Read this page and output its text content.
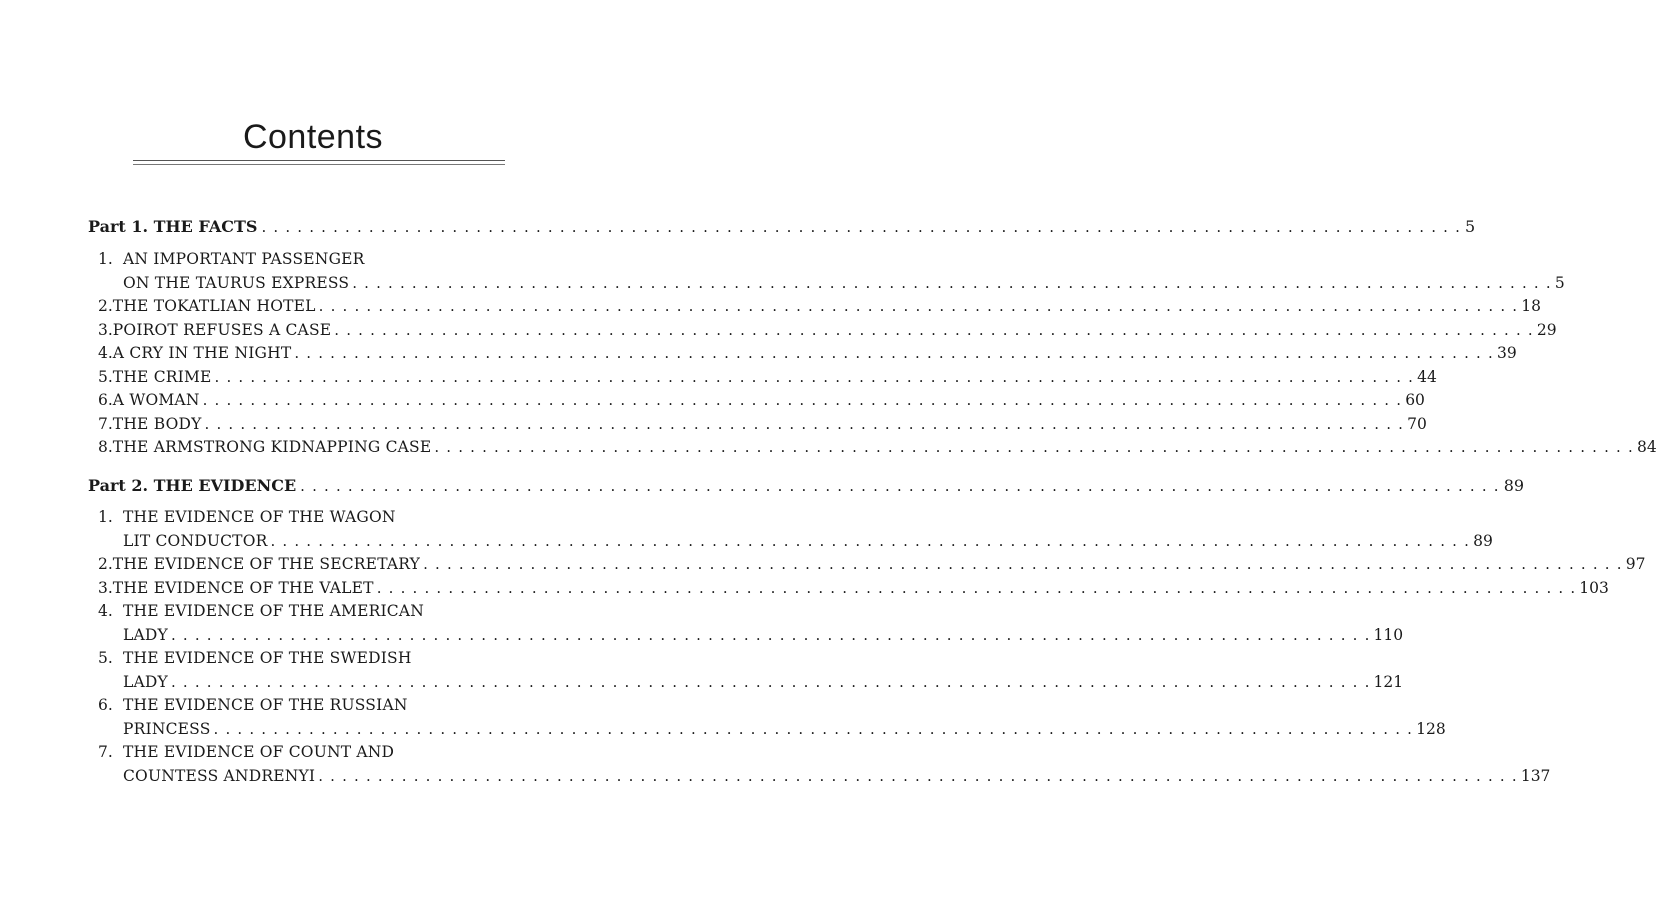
Contents
Part 1. THE FACTS . . .	5
1. AN IMPORTANT PASSENGER
ON THE TAURUS EXPRESS . . .	5
2. THE TOKATLIAN HOTEL . . .	18
3. POIROT REFUSES A CASE . . .	29
4. A CRY IN THE NIGHT . . .	39
5. THE CRIME . . .	44
6. A WOMAN . . .	60
7. THE BODY . . .	70
8. THE ARMSTRONG KIDNAPPING CASE . . .	84
Part 2. THE EVIDENCE . . .	89
1. THE EVIDENCE OF THE WAGON
LIT CONDUCTOR . . .	89
2. THE EVIDENCE OF THE SECRETARY . . .	97
3. THE EVIDENCE OF THE VALET . . .	103
4. THE EVIDENCE OF THE AMERICAN
LADY . . .	110
5. THE EVIDENCE OF THE SWEDISH
LADY . . .	121
6. THE EVIDENCE OF THE RUSSIAN
PRINCESS . . .	128
7. THE EVIDENCE OF COUNT AND
COUNTESS ANDRENYI . . .	137
